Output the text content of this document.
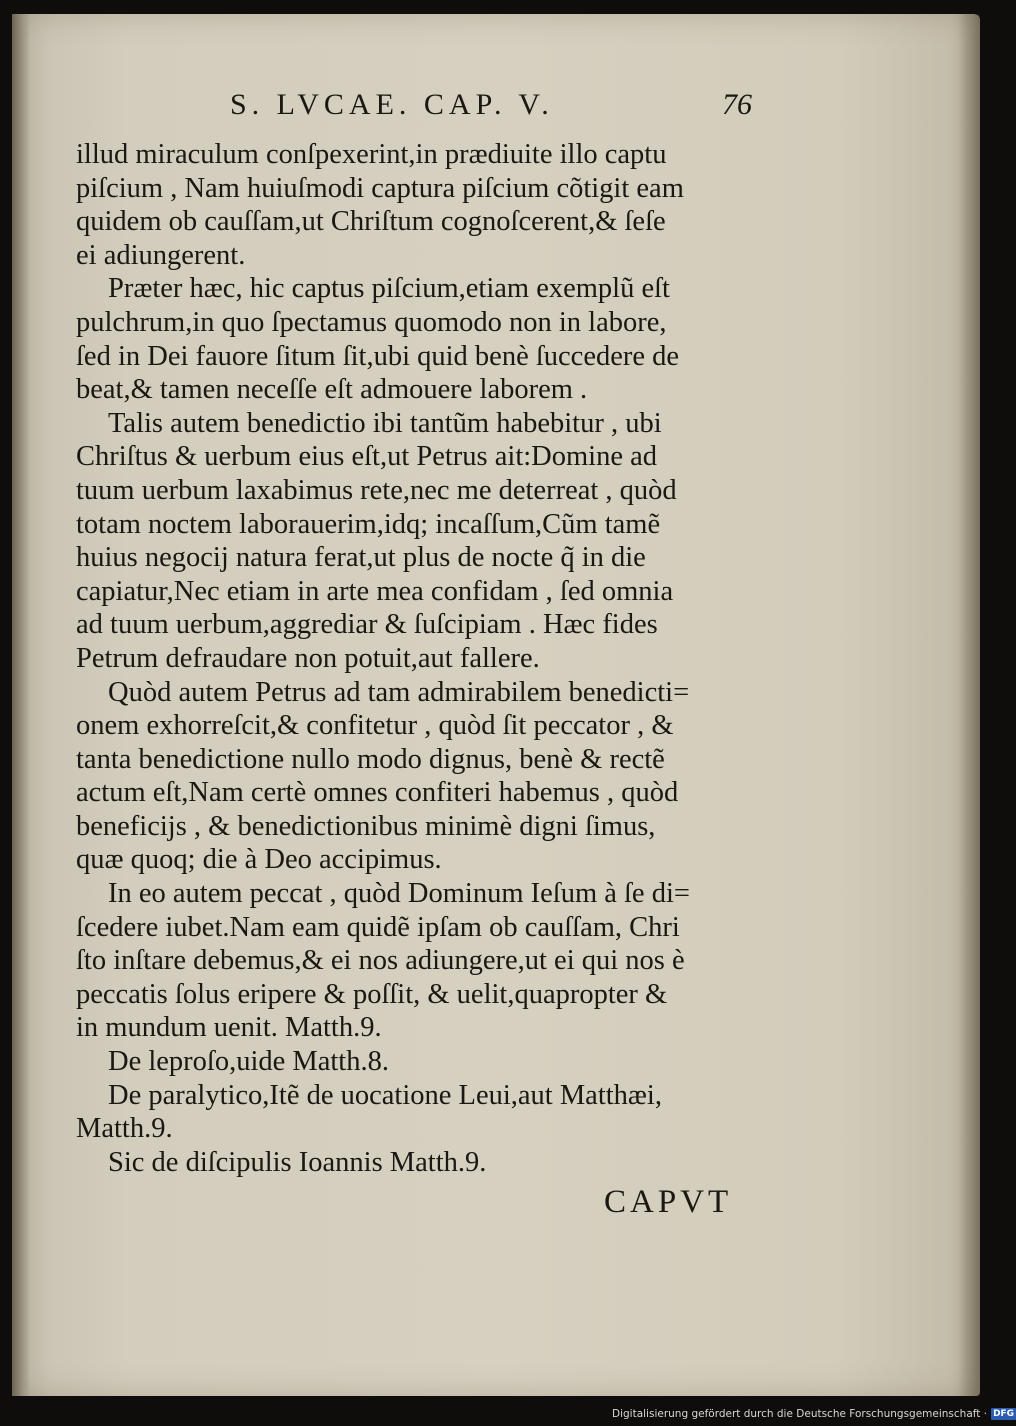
S. LVCAE. CAP. V.	76
illud miraculum conſpexerint,in prædiuite illo captu
piſcium , Nam huiuſmodi captura piſcium cõtigit eam
quidem ob cauſſam,ut Chriſtum cognoſcerent,& ſeſe
ei adiungerent.
Præter hæc, hic captus piſcium,etiam exemplũ eſt
pulchrum,in quo ſpectamus quomodo non in labore,
ſed in Dei fauore ſitum ſit,ubi quid benè ſuccedere de
beat,& tamen neceſſe eſt admouere laborem .
Talis autem benedictio ibi tantũm habebitur , ubi
Chriſtus & uerbum eius eſt,ut Petrus ait:Domine ad
tuum uerbum laxabimus rete,nec me deterreat , quòd
totam noctem laborauerim,idq; incaſſum,Cũm tamẽ
huius negocij natura ferat,ut plus de nocte q̃ in die
capiatur,Nec etiam in arte mea confidam , ſed omnia
ad tuum uerbum,aggrediar & ſuſcipiam . Hæc fides
Petrum defraudare non potuit,aut fallere.
Quòd autem Petrus ad tam admirabilem benedicti=
onem exhorreſcit,& confitetur , quòd ſit peccator , &
tanta benedictione nullo modo dignus, benè & rectẽ
actum eſt,Nam certè omnes confiteri habemus , quòd
beneficijs , & benedictionibus minimè digni ſimus,
quæ quoq; die à Deo accipimus.
In eo autem peccat , quòd Dominum Ieſum à ſe di=
ſcedere iubet.Nam eam quidẽ ipſam ob cauſſam, Chri
ſto inſtare debemus,& ei nos adiungere,ut ei qui nos è
peccatis ſolus eripere & poſſit, & uelit,quapropter &
in mundum uenit. Matth.9.
De leproſo,uide Matth.8.
De paralytico,Itẽ de uocatione Leui,aut Matthæi,
Matth.9.
Sic de diſcipulis Ioannis Matth.9.
CAPVT
Digitalisierung gefördert durch die Deutsche Forschungsgemeinschaft · DFG
